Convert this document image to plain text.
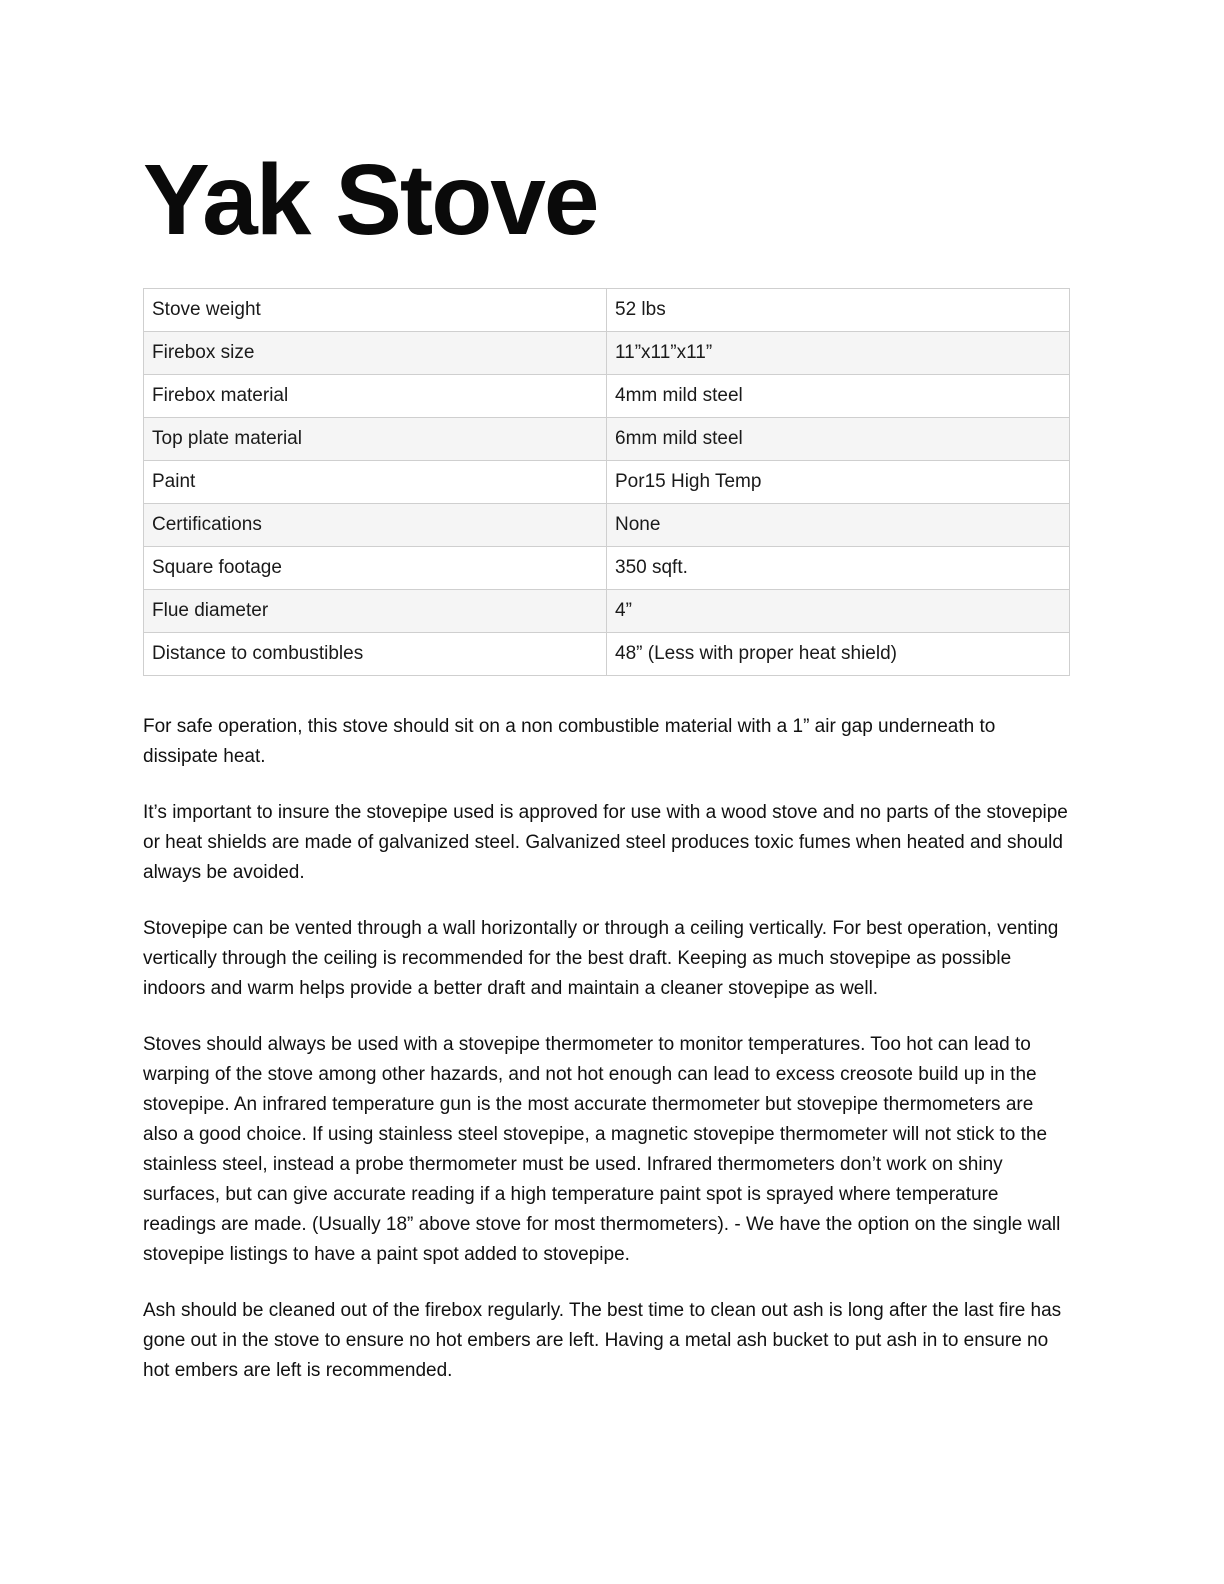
Yak Stove
Stove weight	52 lbs
Firebox size	11”x11”x11”
Firebox material	4mm mild steel
Top plate material	6mm mild steel
Paint	Por15 High Temp
Certifications	None
Square footage	350 sqft.
Flue diameter	4”
Distance to combustibles	48” (Less with proper heat shield)

For safe operation, this stove should sit on a non combustible material with a 1” air gap underneath to dissipate heat.

It’s important to insure the stovepipe used is approved for use with a wood stove and no parts of the stovepipe or heat shields are made of galvanized steel. Galvanized steel produces toxic fumes when heated and should always be avoided.

Stovepipe can be vented through a wall horizontally or through a ceiling vertically. For best operation, venting vertically through the ceiling is recommended for the best draft. Keeping as much stovepipe as possible indoors and warm helps provide a better draft and maintain a cleaner stovepipe as well.

Stoves should always be used with a stovepipe thermometer to monitor temperatures. Too hot can lead to warping of the stove among other hazards, and not hot enough can lead to excess creosote build up in the stovepipe. An infrared temperature gun is the most accurate thermometer but stovepipe thermometers are also a good choice. If using stainless steel stovepipe, a magnetic stovepipe thermometer will not stick to the stainless steel, instead a probe thermometer must be used. Infrared thermometers don’t work on shiny surfaces, but can give accurate reading if a high temperature paint spot is sprayed where temperature readings are made. (Usually 18” above stove for most thermometers). - We have the option on the single wall stovepipe listings to have a paint spot added to stovepipe.

Ash should be cleaned out of the firebox regularly. The best time to clean out ash is long after the last fire has gone out in the stove to ensure no hot embers are left. Having a metal ash bucket to put ash in to ensure no hot embers are left is recommended.
